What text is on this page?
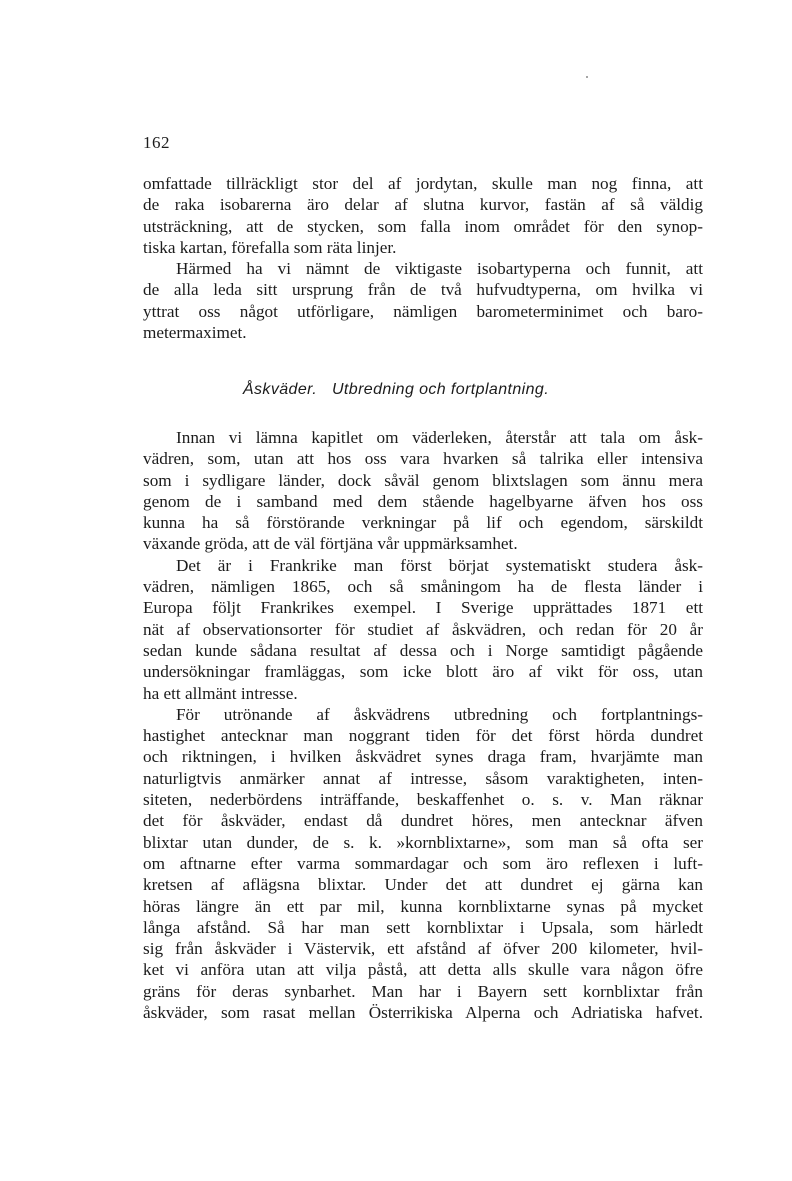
162
omfattade tillräckligt stor del af jordytan, skulle man nog finna, att
de raka isobarerna äro delar af slutna kurvor, fastän af så väldig
utsträckning, att de stycken, som falla inom området för den synop-
tiska kartan, förefalla som räta linjer.
Härmed ha vi nämnt de viktigaste isobartyperna och funnit, att
de alla leda sitt ursprung från de två hufvudtyperna, om hvilka vi
yttrat oss något utförligare, nämligen barometerminimet och baro-
metermaximet.
Åskväder. Utbredning och fortplantning.
Innan vi lämna kapitlet om väderleken, återstår att tala om åsk-
vädren, som, utan att hos oss vara hvarken så talrika eller intensiva
som i sydligare länder, dock såväl genom blixtslagen som ännu mera
genom de i samband med dem stående hagelbyarne äfven hos oss
kunna ha så förstörande verkningar på lif och egendom, särskildt
växande gröda, att de väl förtjäna vår uppmärksamhet.
Det är i Frankrike man först börjat systematiskt studera åsk-
vädren, nämligen 1865, och så småningom ha de flesta länder i
Europa följt Frankrikes exempel. I Sverige upprättades 1871 ett
nät af observationsorter för studiet af åskvädren, och redan för 20 år
sedan kunde sådana resultat af dessa och i Norge samtidigt pågående
undersökningar framläggas, som icke blott äro af vikt för oss, utan
ha ett allmänt intresse.
För utrönande af åskvädrens utbredning och fortplantnings-
hastighet antecknar man noggrant tiden för det först hörda dundret
och riktningen, i hvilken åskvädret synes draga fram, hvarjämte man
naturligtvis anmärker annat af intresse, såsom varaktigheten, inten-
siteten, nederbördens inträffande, beskaffenhet o. s. v. Man räknar
det för åskväder, endast då dundret höres, men antecknar äfven
blixtar utan dunder, de s. k. »kornblixtarne», som man så ofta ser
om aftnarne efter varma sommardagar och som äro reflexen i luft-
kretsen af aflägsna blixtar. Under det att dundret ej gärna kan
höras längre än ett par mil, kunna kornblixtarne synas på mycket
långa afstånd. Så har man sett kornblixtar i Upsala, som härledt
sig från åskväder i Västervik, ett afstånd af öfver 200 kilometer, hvil-
ket vi anföra utan att vilja påstå, att detta alls skulle vara någon öfre
gräns för deras synbarhet. Man har i Bayern sett kornblixtar från
åskväder, som rasat mellan Österrikiska Alperna och Adriatiska hafvet.
